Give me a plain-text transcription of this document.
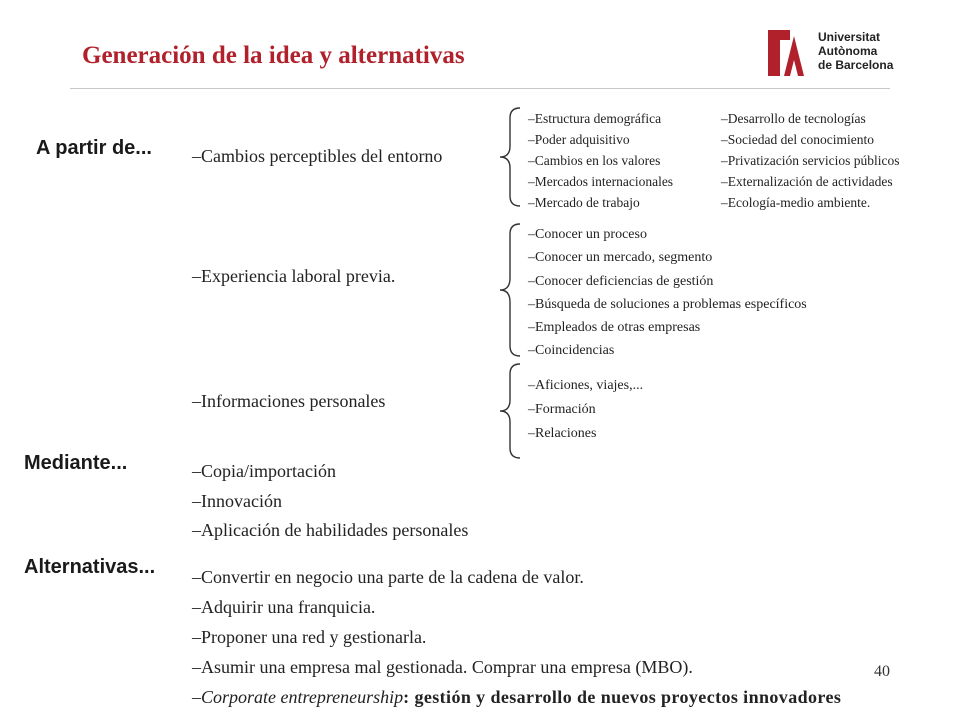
Generación de la idea y alternativas
Universitat
Autònoma
de Barcelona
A partir de... –Cambios perceptibles del entorno
–Estructura demográfica
–Poder adquisitivo
–Cambios en los valores
–Mercados internacionales
–Mercado de trabajo
–Desarrollo de tecnologías
–Sociedad del conocimiento
–Privatización servicios públicos
–Externalización de actividades
–Ecología-medio ambiente.
–Experiencia laboral previa.
–Conocer un proceso
–Conocer un mercado, segmento
–Conocer deficiencias de gestión
–Búsqueda de soluciones a problemas específicos
–Empleados de otras empresas
–Coincidencias
–Informaciones personales
–Aficiones, viajes,...
–Formación
–Relaciones
Mediante...	–Copia/importación
–Innovación
–Aplicación de habilidades personales
Alternativas... –Convertir en negocio una parte de la cadena de valor.
–Adquirir una franquicia.
–Proponer una red y gestionarla.
–Asumir una empresa mal gestionada. Comprar una empresa (MBO).
–Corporate entrepreneurship: gestión y desarrollo de nuevos proyectos innovadores
40
